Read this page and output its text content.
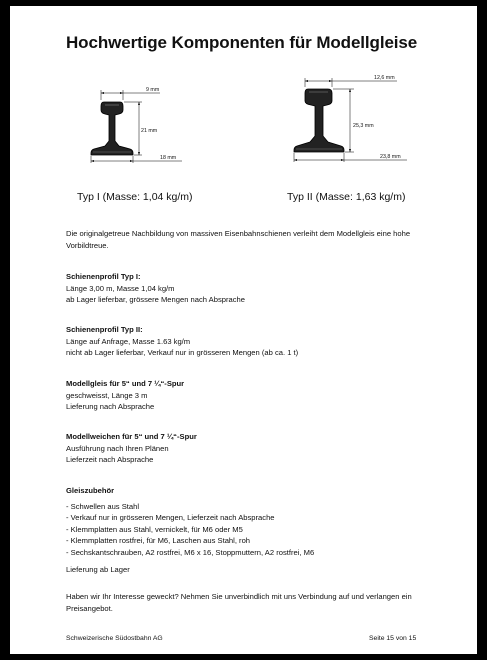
Hochwertige Komponenten für Modellgleise
9 mm
21 mm
18 mm
Typ I (Masse: 1,04 kg/m)
12,6 mm
25,3 mm
23,8 mm
Typ II (Masse: 1,63 kg/m)
Die originalgetreue Nachbildung von massiven Eisenbahnschienen verleiht dem Modellgleis eine hohe Vorbildtreue.
Schienenprofil Typ I:
Länge 3,00 m, Masse 1,04 kg/m
ab Lager lieferbar, grössere Mengen nach Absprache
Schienenprofil Typ II:
Länge auf Anfrage, Masse 1.63 kg/m
nicht ab Lager lieferbar, Verkauf nur in grösseren Mengen (ab ca. 1 t)
Modellgleis für 5“ und 7 ¼“-Spur
geschweisst, Länge 3 m
Lieferung nach Absprache
Modellweichen für 5“ und 7 ¼“-Spur
Ausführung nach Ihren Plänen
Lieferzeit nach Absprache
Gleiszubehör
- Schwellen aus Stahl
- Verkauf nur in grösseren Mengen, Lieferzeit nach Absprache
- Klemmplatten aus Stahl, vernickelt, für M6 oder M5
- Klemmplatten rostfrei, für M6, Laschen aus Stahl, roh
- Sechskantschrauben, A2 rostfrei, M6 x 16, Stoppmuttern, A2 rostfrei, M6
Lieferung ab Lager
Haben wir Ihr Interesse geweckt? Nehmen Sie unverbindlich mit uns Verbindung auf und verlangen ein Preisangebot.
Schweizerische Südostbahn AG	Seite 15 von 15
